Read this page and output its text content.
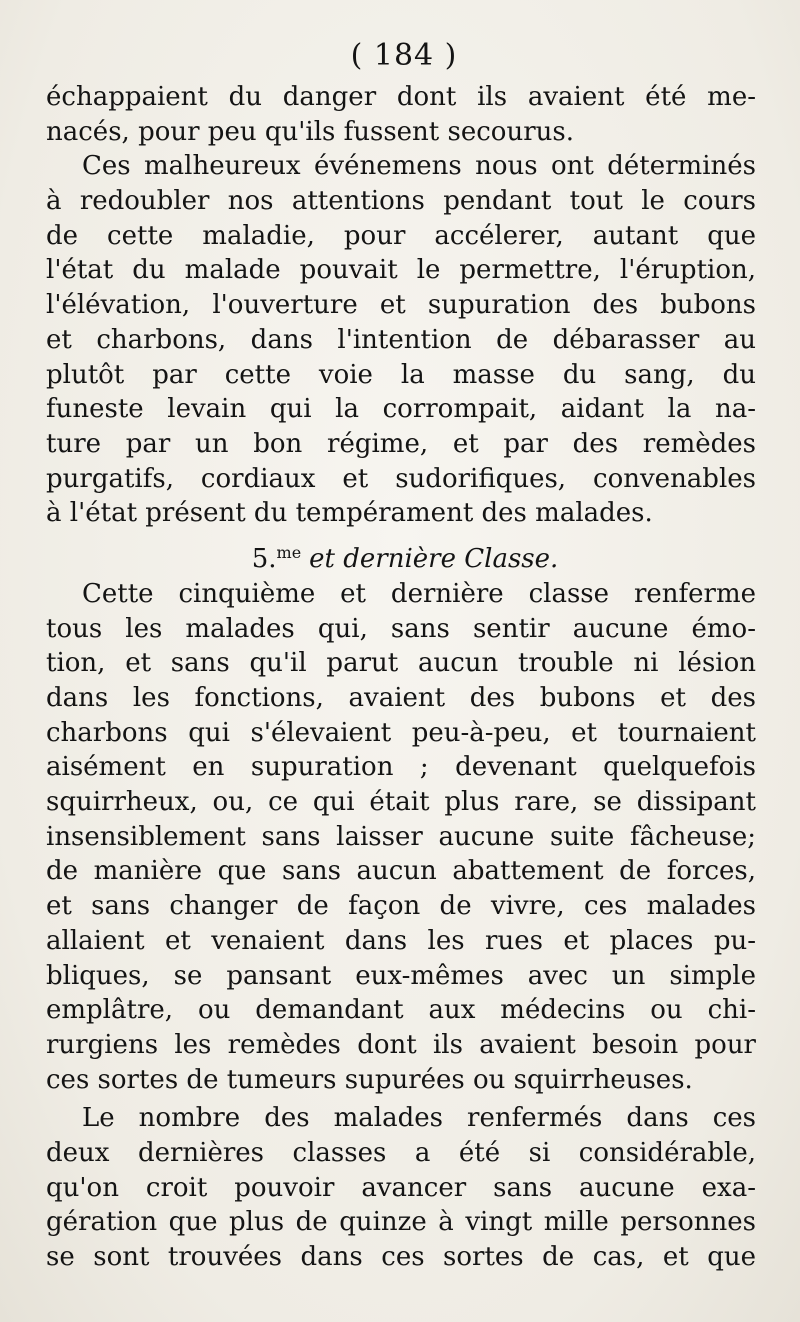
( 184 )
échappaient du danger dont ils avaient été me-
nacés, pour peu qu'ils fussent secourus.
Ces malheureux événemens nous ont déterminés
à redoubler nos attentions pendant tout le cours
de cette maladie, pour accélerer, autant que
l'état du malade pouvait le permettre, l'éruption,
l'élévation, l'ouverture et supuration des bubons
et charbons, dans l'intention de débarasser au
plutôt par cette voie la masse du sang, du
funeste levain qui la corrompait, aidant la na-
ture par un bon régime, et par des remèdes
purgatifs, cordiaux et sudorifiques, convenables
à l'état présent du tempérament des malades.
5.$^{me}$ et dernière Classe.
Cette cinquième et dernière classe renferme
tous les malades qui, sans sentir aucune émo-
tion, et sans qu'il parut aucun trouble ni lésion
dans les fonctions, avaient des bubons et des
charbons qui s'élevaient peu-à-peu, et tournaient
aisément en supuration ; devenant quelquefois
squirrheux, ou, ce qui était plus rare, se dissipant
insensiblement sans laisser aucune suite fâcheuse;
de manière que sans aucun abattement de forces,
et sans changer de façon de vivre, ces malades
allaient et venaient dans les rues et places pu-
bliques, se pansant eux-mêmes avec un simple
emplâtre, ou demandant aux médecins ou chi-
rurgiens les remèdes dont ils avaient besoin pour
ces sortes de tumeurs supurées ou squirrheuses.
Le nombre des malades renfermés dans ces
deux dernières classes a été si considérable,
qu'on croit pouvoir avancer sans aucune exa-
gération que plus de quinze à vingt mille personnes
se sont trouvées dans ces sortes de cas, et que
